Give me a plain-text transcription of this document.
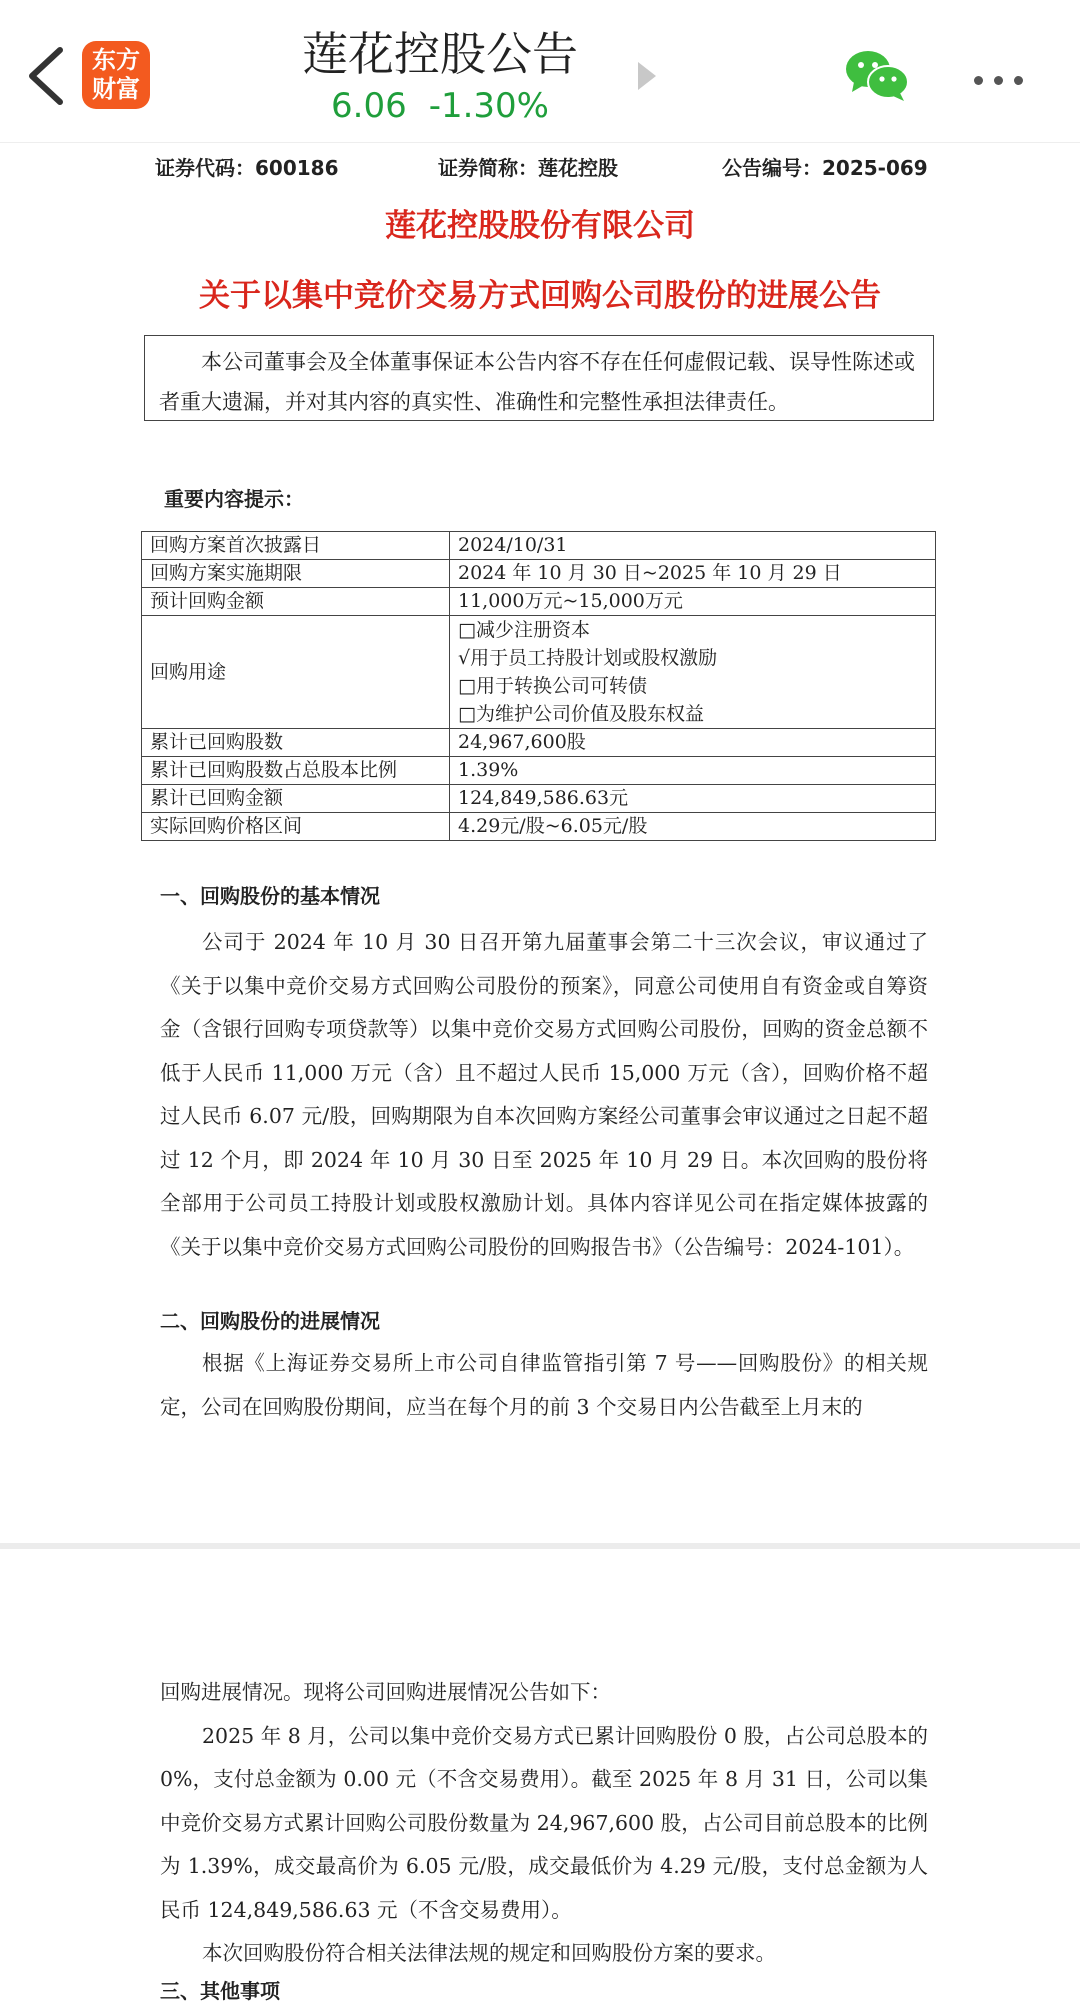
东方
财富
莲花控股公告
6.06 -1.30%
证券代码：600186	证券简称：莲花控股	公告编号：2025-069
莲花控股股份有限公司
关于以集中竞价交易方式回购公司股份的进展公告
本公司董事会及全体董事保证本公告内容不存在任何虚假记载、误导性陈述或者重大遗漏，并对其内容的真实性、准确性和完整性承担法律责任。
重要内容提示：
回购方案首次披露日	2024/10/31
回购方案实施期限	2024 年 10 月 30 日~2025 年 10 月 29 日
预计回购金额	11,000万元~15,000万元
回购用途	□减少注册资本
√用于员工持股计划或股权激励
□用于转换公司可转债
□为维护公司价值及股东权益

累计已回购股数	24,967,600股
累计已回购股数占总股本比例	1.39%
累计已回购金额	124,849,586.63元
实际回购价格区间	4.29元/股~6.05元/股
一、回购股份的基本情况

公司于 2024 年 10 月 30 日召开第九届董事会第二十三次会议，审议通过了《关于以集中竞价交易方式回购公司股份的预案》，同意公司使用自有资金或自筹资金（含银行回购专项贷款等）以集中竞价交易方式回购公司股份，回购的资金总额不低于人民币 11,000 万元（含）且不超过人民币 15,000 万元（含），回购价格不超过人民币 6.07 元/股，回购期限为自本次回购方案经公司董事会审议通过之日起不超过 12 个月，即 2024 年 10 月 30 日至 2025 年 10 月 29 日。本次回购的股份将全部用于公司员工持股计划或股权激励计划。具体内容详见公司在指定媒体披露的《关于以集中竞价交易方式回购公司股份的回购报告书》（公告编号：2024-101）。

二、回购股份的进展情况

根据《上海证券交易所上市公司自律监管指引第 7 号——回购股份》的相关规定，公司在回购股份期间，应当在每个月的前 3 个交易日内公告截至上月末的

回购进展情况。现将公司回购进展情况公告如下：

2025 年 8 月，公司以集中竞价交易方式已累计回购股份 0 股，占公司总股本的 0%，支付总金额为 0.00 元（不含交易费用）。截至 2025 年 8 月 31 日，公司以集中竞价交易方式累计回购公司股份数量为 24,967,600 股，占公司目前总股本的比例为 1.39%，成交最高价为 6.05 元/股，成交最低价为 4.29 元/股，支付总金额为人民币 124,849,586.63 元（不含交易费用）。

本次回购股份符合相关法律法规的规定和回购股份方案的要求。

三、其他事项
